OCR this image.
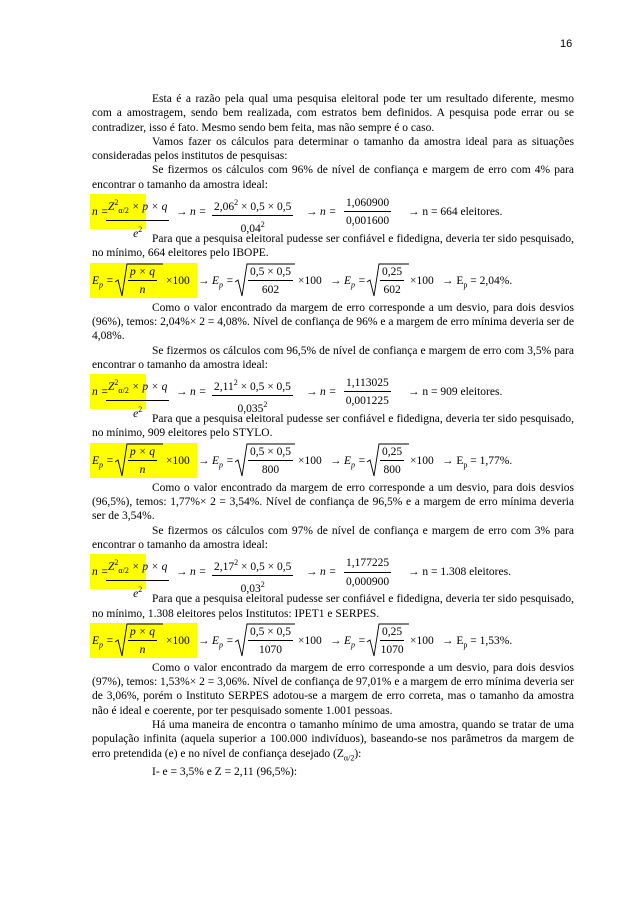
16

Esta é a razão pela qual uma pesquisa eleitoral pode ter um resultado diferente, mesmo com a amostragem, sendo bem realizada, com estratos bem definidos. A pesquisa pode errar ou se contradizer, isso é fato. Mesmo sendo bem feita, mas não sempre é o caso.

Vamos fazer os cálculos para determinar o tamanho da amostra ideal para as situações consideradas pelos institutos de pesquisas:

Se fizermos os cálculos com 96% de nível de confiança e margem de erro com 4% para encontrar o tamanho da amostra ideal:

n =
$\frac{Z^2_{\alpha/2} \times p \times q}{e^2} \to n = \frac{2,06^2 \times 0,5 \times 0,5}{0,04^2} \to n = \frac{1,060900}{0,001600} \to n = 664$ eleitores.

Para que a pesquisa eleitoral pudesse ser confiável e fidedigna, deveria ter sido pesquisado, no mínimo, 664 eleitores pelo IBOPE.

$E_p = \frac{p \times q}{n} \times 100 \to E_p = \frac{0,5 \times 0,5}{602} \times 100 \to E_p = \frac{0,25}{602} \times 100 \to E_p = 2,04\%$.

Como o valor encontrado da margem de erro corresponde a um desvio, para dois desvios (96%), temos: 2,04%× 2 = 4,08%. Nível de confiança de 96% e a margem de erro mínima deveria ser de 4,08%.

Se fizermos os cálculos com 96,5% de nível de confiança e margem de erro com 3,5% para encontrar o tamanho da amostra ideal:

n =
$\frac{Z^2_{\alpha/2} \times p \times q}{e^2} \to n = \frac{2,11^2 \times 0,5 \times 0,5}{0,035^2} \to n = \frac{1,113025}{0,001225} \to n = 909$ eleitores.

Para que a pesquisa eleitoral pudesse ser confiável e fidedigna, deveria ter sido pesquisado, no mínimo, 909 eleitores pelo STYLO.

$E_p = \frac{p \times q}{n} \times 100 \to E_p = \frac{0,5 \times 0,5}{800} \times 100 \to E_p = \frac{0,25}{800} \times 100 \to E_p = 1,77\%$.

Como o valor encontrado da margem de erro corresponde a um desvio, para dois desvios (96,5%), temos: 1,77%× 2 = 3,54%. Nível de confiança de 96,5% e a margem de erro mínima deveria ser de 3,54%.

Se fizermos os cálculos com 97% de nível de confiança e margem de erro com 3% para encontrar o tamanho da amostra ideal:

n =
$\frac{Z^2_{\alpha/2} \times p \times q}{e^2} \to n = \frac{2,17^2 \times 0,5 \times 0,5}{0,03^2} \to n = \frac{1,177225}{0,000900} \to n = 1.308$ eleitores.

Para que a pesquisa eleitoral pudesse ser confiável e fidedigna, deveria ter sido pesquisado, no mínimo, 1.308 eleitores pelos Institutos: IPET1 e SERPES.

$E_p = \frac{p \times q}{n} \times 100 \to E_p = \frac{0,5 \times 0,5}{1070} \times 100 \to E_p = \frac{0,25}{1070} \times 100 \to E_p = 1,53\%$.

Como o valor encontrado da margem de erro corresponde a um desvio, para dois desvios (97%), temos: 1,53%× 2 = 3,06%. Nível de confiança de 97,01% e a margem de erro mínima deveria ser de 3,06%, porém o Instituto SERPES adotou-se a margem de erro correta, mas o tamanho da amostra não é ideal e coerente, por ter pesquisado somente 1.001 pessoas.

Há uma maneira de encontra o tamanho mínimo de uma amostra, quando se tratar de uma população infinita (aquela superior a 100.000 indivíduos), baseando-se nos parâmetros da margem de erro pretendida (e) e no nível de confiança desejado $(Z_{\alpha/2})$:

I- e = 3,5% e Z = 2,11 (96,5%):
